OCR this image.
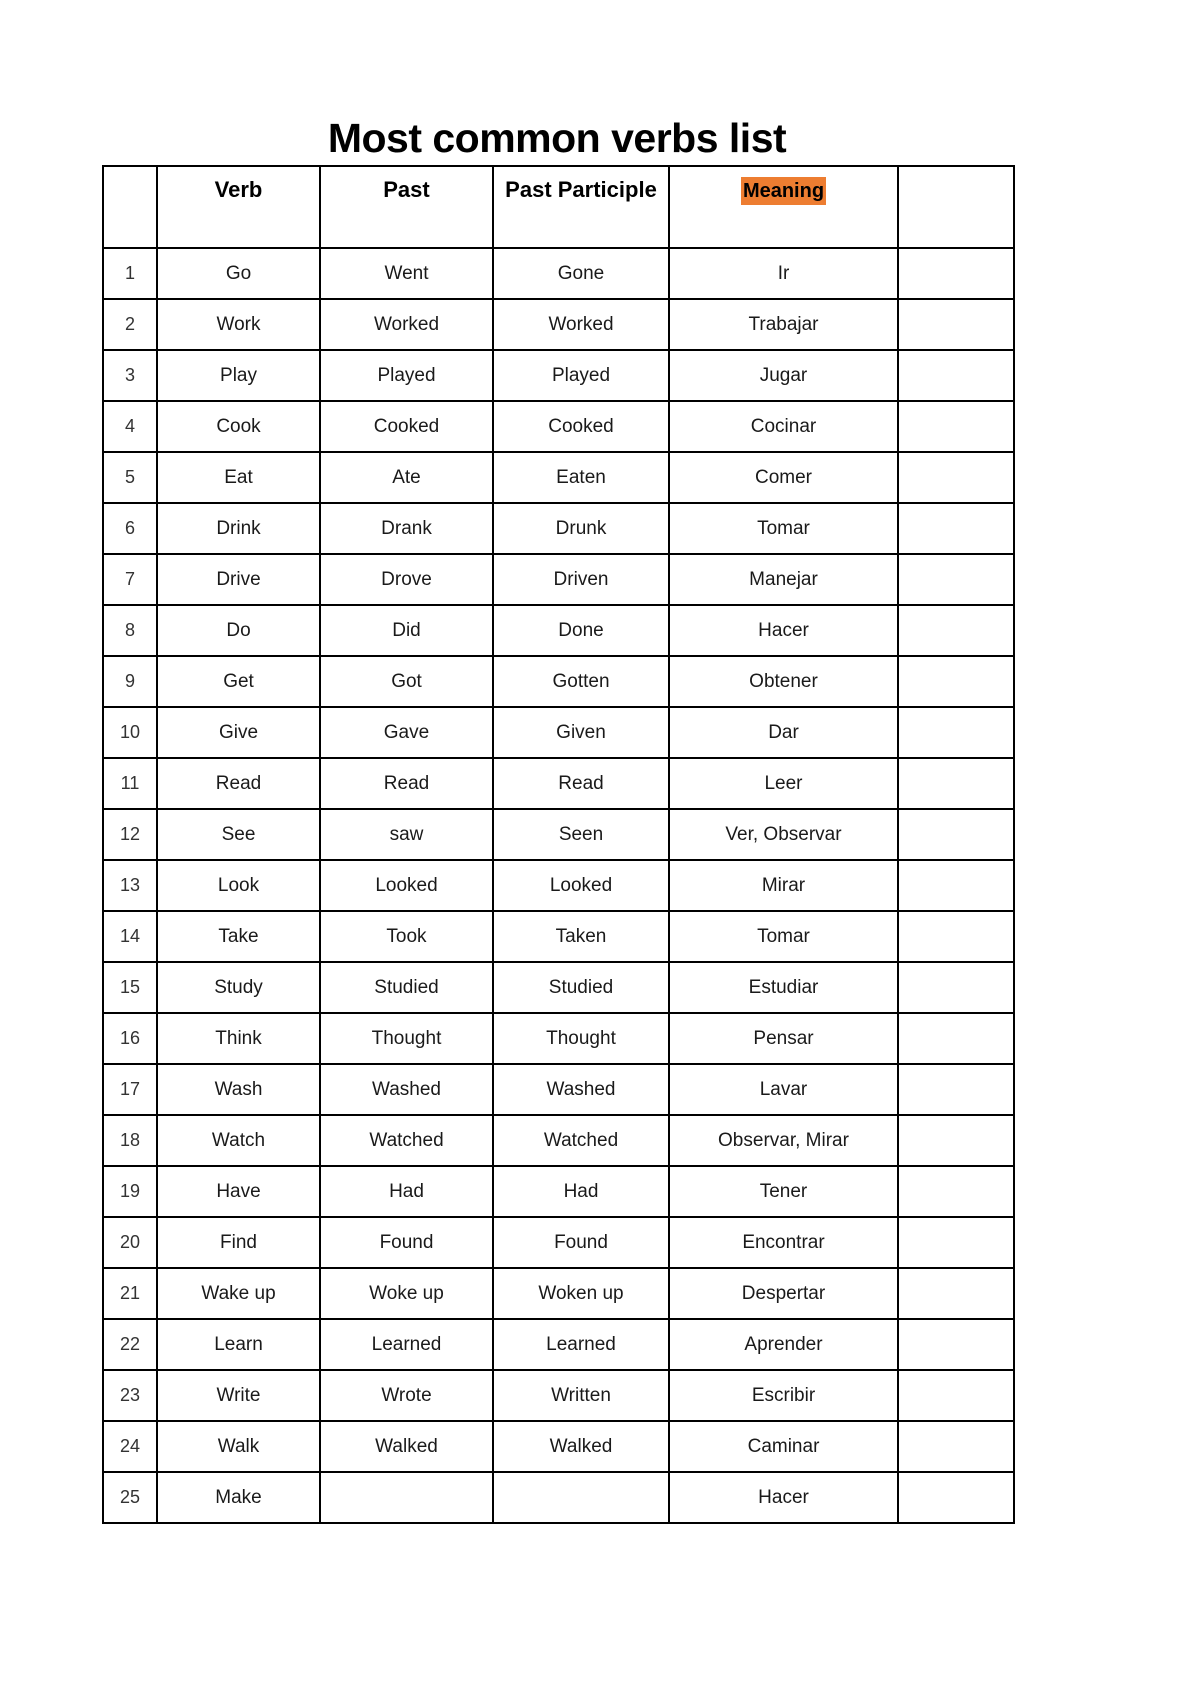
Most common verbs list
	Verb	Past	Past Participle	Meaning	
1	Go	Went	Gone	Ir	
2	Work	Worked	Worked	Trabajar	
3	Play	Played	Played	Jugar	
4	Cook	Cooked	Cooked	Cocinar	
5	Eat	Ate	Eaten	Comer	
6	Drink	Drank	Drunk	Tomar	
7	Drive	Drove	Driven	Manejar	
8	Do	Did	Done	Hacer	
9	Get	Got	Gotten	Obtener	
10	Give	Gave	Given	Dar	
11	Read	Read	Read	Leer	
12	See	saw	Seen	Ver, Observar	
13	Look	Looked	Looked	Mirar	
14	Take	Took	Taken	Tomar	
15	Study	Studied	Studied	Estudiar	
16	Think	Thought	Thought	Pensar	
17	Wash	Washed	Washed	Lavar	
18	Watch	Watched	Watched	Observar, Mirar	
19	Have	Had	Had	Tener	
20	Find	Found	Found	Encontrar	
21	Wake up	Woke up	Woken up	Despertar	
22	Learn	Learned	Learned	Aprender	
23	Write	Wrote	Written	Escribir	
24	Walk	Walked	Walked	Caminar	
25	Make			Hacer	
